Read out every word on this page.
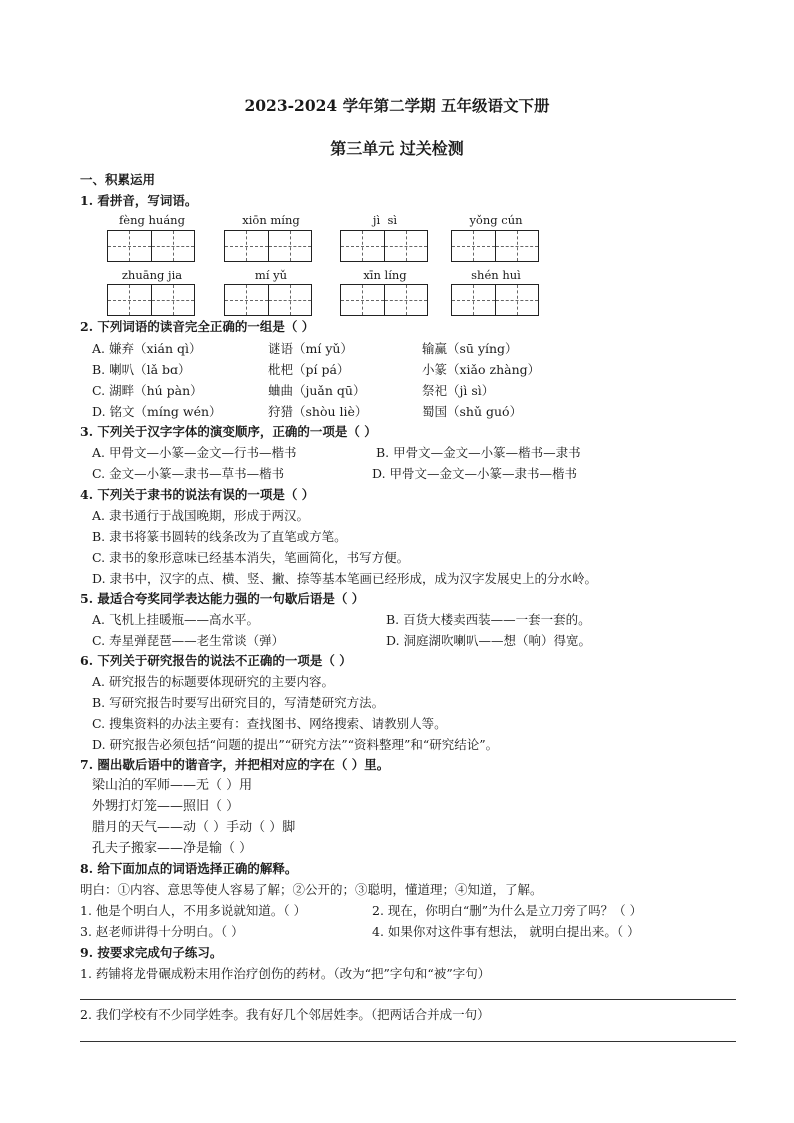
2023-2024 学年第二学期 五年级语文下册
第三单元 过关检测
一、积累运用
1. 看拼音，写词语。
fèng huáng	xiōn míng	jì  sì	yǒng cún
zhuāng jia	mí yǔ	xīn líng	shén huì
2. 下列词语的读音完全正确的一组是（ ）
A. 嫌弃（xián qì）	谜语（mí yǔ）	输赢（sū yíng）
B. 喇叭（lǎ bɑ）	枇杷（pí pá）	小篆（xiǎo zhàng）
C. 湖畔（hú pàn）	蛐曲（juǎn qū）	祭祀（jì sì）
D. 铭文（míng wén）	狩猎（shòu liè）	蜀国（shǔ guó）
3. 下列关于汉字字体的演变顺序，正确的一项是（ ）
A. 甲骨文—小篆—金文—行书—楷书	B. 甲骨文—金文—小篆—楷书—隶书
C. 金文—小篆—隶书—草书—楷书	D. 甲骨文—金文—小篆—隶书—楷书
4. 下列关于隶书的说法有误的一项是（ ）
A. 隶书通行于战国晚期，形成于两汉。
B. 隶书将篆书圆转的线条改为了直笔或方笔。
C. 隶书的象形意味已经基本消失，笔画简化，书写方便。
D. 隶书中，汉字的点、横、竖、撇、捺等基本笔画已经形成，成为汉字发展史上的分水岭。
5. 最适合夸奖同学表达能力强的一句歇后语是（ ）
A. 飞机上挂暖瓶——高水平。	B. 百货大楼卖西装——一套一套的。
C. 寿星弹琵琶——老生常谈（弹）	D. 洞庭湖吹喇叭——想（响）得宽。
6. 下列关于研究报告的说法不正确的一项是（ ）
A. 研究报告的标题要体现研究的主要内容。
B. 写研究报告时要写出研究目的，写清楚研究方法。
C. 搜集资料的办法主要有：查找图书、网络搜索、请教别人等。
D. 研究报告必须包括“问题的提出”“研究方法”“资料整理”和“研究结论”。
7. 圈出歇后语中的谐音字，并把相对应的字在（ ）里。
梁山泊的军师——无（ ）用
外甥打灯笼——照旧（ ）
腊月的天气——动（ ）手动（ ）脚
孔夫子搬家——净是输（ ）
8. 给下面加点的词语选择正确的解释。
明白：①内容、意思等使人容易了解；②公开的；③聪明，懂道理；④知道，了解。
1. 他是个明白人，不用多说就知道。（ ）	2. 现在，你明白“删”为什么是立刀旁了吗？（ ）
3. 赵老师讲得十分明白。（ ）	4. 如果你对这件事有想法， 就明白提出来。（ ）
9. 按要求完成句子练习。
1. 药铺将龙骨碾成粉末用作治疗创伤的药材。（改为“把”字句和“被”字句）
2. 我们学校有不少同学姓李。我有好几个邻居姓李。（把两话合并成一句）
